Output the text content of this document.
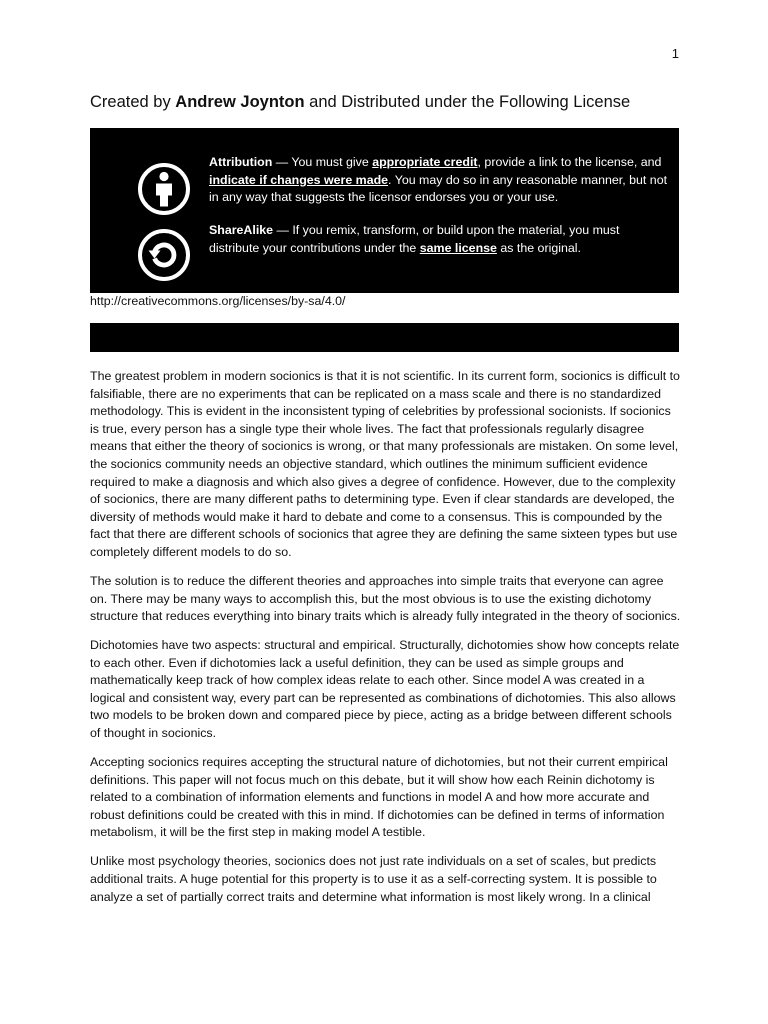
1
Created by Andrew Joynton and Distributed under the Following License
Attribution — You must give appropriate credit, provide a link to the license, and indicate if changes were made. You may do so in any reasonable manner, but not in any way that suggests the licensor endorses you or your use.
ShareAlike — If you remix, transform, or build upon the material, you must distribute your contributions under the same license as the original.
http://creativecommons.org/licenses/by-sa/4.0/

The greatest problem in modern socionics is that it is not scientific. In its current form, socionics is difficult to falsifiable, there are no experiments that can be replicated on a mass scale and there is no standardized methodology. This is evident in the inconsistent typing of celebrities by professional socionists. If socionics is true, every person has a single type their whole lives. The fact that professionals regularly disagree means that either the theory of socionics is wrong, or that many professionals are mistaken. On some level, the socionics community needs an objective standard, which outlines the minimum sufficient evidence required to make a diagnosis and which also gives a degree of confidence. However, due to the complexity of socionics, there are many different paths to determining type. Even if clear standards are developed, the diversity of methods would make it hard to debate and come to a consensus. This is compounded by the fact that there are different schools of socionics that agree they are defining the same sixteen types but use completely different models to do so.

The solution is to reduce the different theories and approaches into simple traits that everyone can agree on. There may be many ways to accomplish this, but the most obvious is to use the existing dichotomy structure that reduces everything into binary traits which is already fully integrated in the theory of socionics.

Dichotomies have two aspects: structural and empirical. Structurally, dichotomies show how concepts relate to each other. Even if dichotomies lack a useful definition, they can be used as simple groups and mathematically keep track of how complex ideas relate to each other. Since model A was created in a logical and consistent way, every part can be represented as combinations of dichotomies. This also allows two models to be broken down and compared piece by piece, acting as a bridge between different schools of thought in socionics.

Accepting socionics requires accepting the structural nature of dichotomies, but not their current empirical definitions. This paper will not focus much on this debate, but it will show how each Reinin dichotomy is related to a combination of information elements and functions in model A and how more accurate and robust definitions could be created with this in mind. If dichotomies can be defined in terms of information metabolism, it will be the first step in making model A testible.

Unlike most psychology theories, socionics does not just rate individuals on a set of scales, but predicts additional traits. A huge potential for this property is to use it as a self-correcting system. It is possible to analyze a set of partially correct traits and determine what information is most likely wrong. In a clinical
